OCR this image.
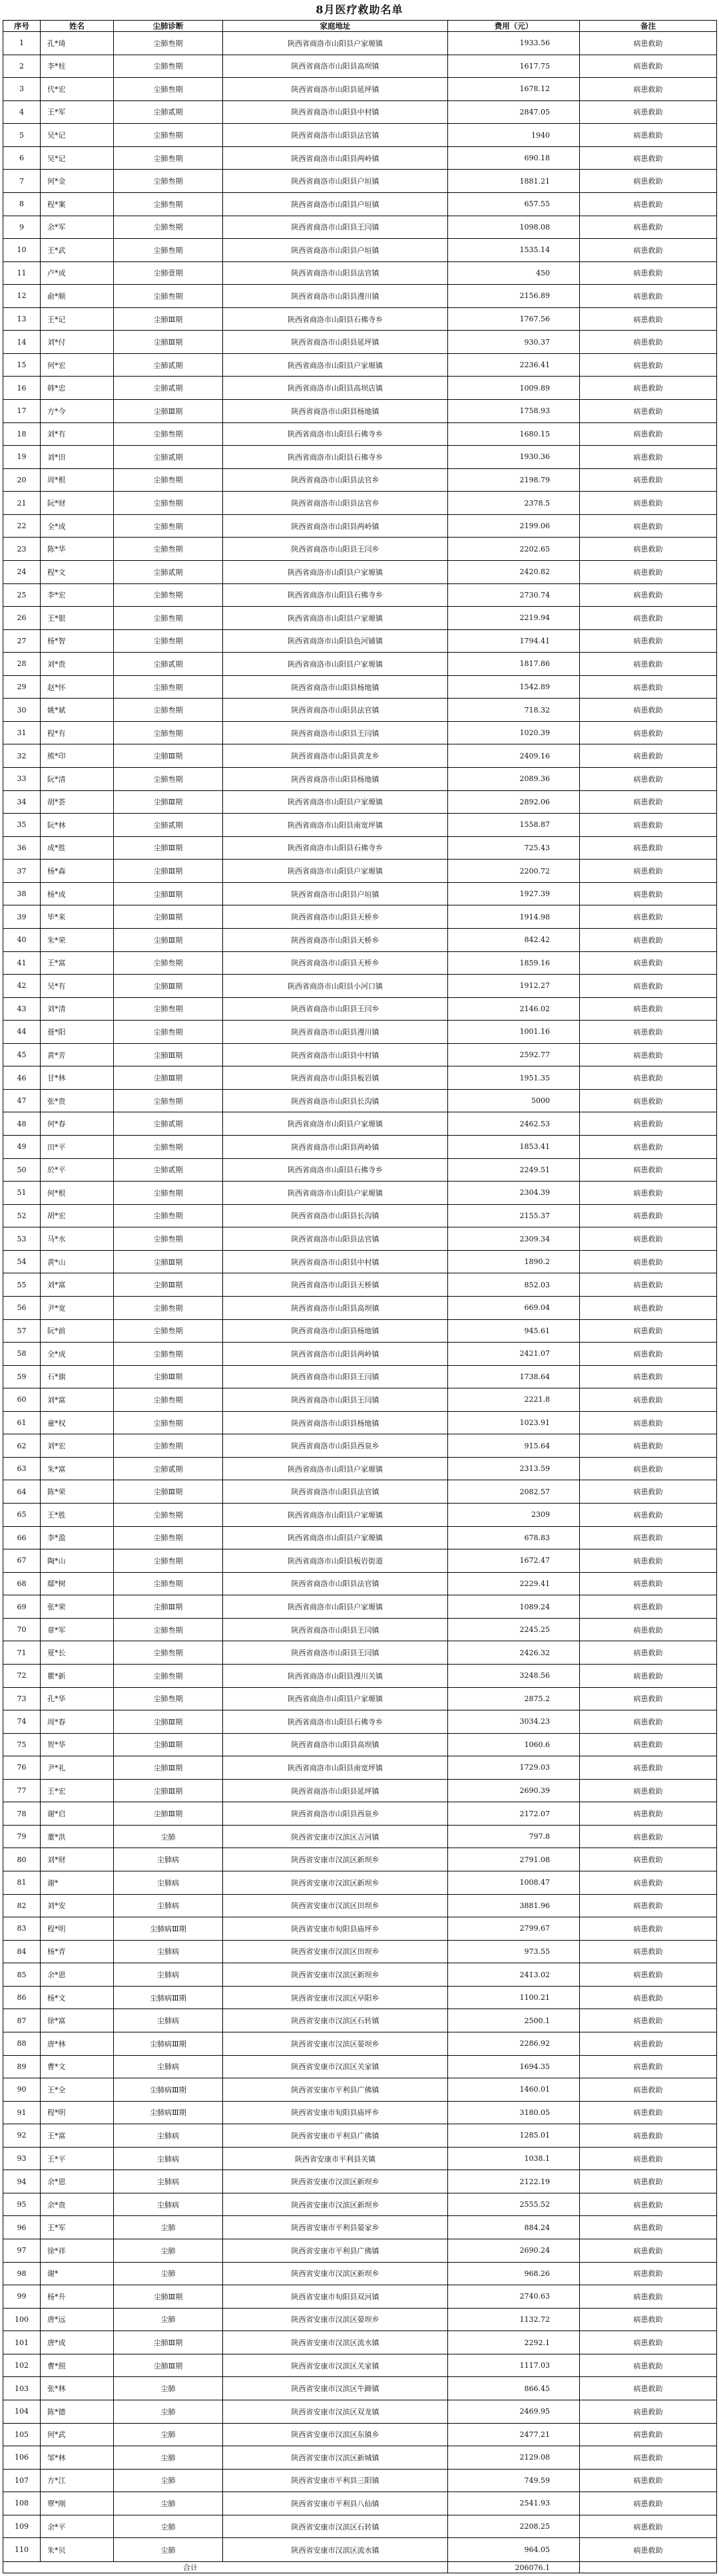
8月医疗救助名单
序号	姓名	尘肺诊断	家庭地址	费用（元）	备注
1	孔*琦	尘肺叁期	陕西省商洛市山阳县户家塬镇	1933.56	病患救助
2	李*柱	尘肺叁期	陕西省商洛市山阳县高坝镇	1617.75	病患救助
3	代*宏	尘肺叁期	陕西省商洛市山阳县延坪镇	1678.12	病患救助
4	王*军	尘肺贰期	陕西省商洛市山阳县中村镇	2847.05	病患救助
5	吴*记	尘肺叁期	陕西省商洛市山阳县法官镇	1940	病患救助
6	吴*记	尘肺叁期	陕西省商洛市山阳县两岭镇	690.18	病患救助
7	何*金	尘肺叁期	陕西省商洛市山阳县户垣镇	1881.21	病患救助
8	程*案	尘肺叁期	陕西省商洛市山阳县户垣镇	657.55	病患救助
9	余*军	尘肺叁期	陕西省商洛市山阳县王闫镇	1098.08	病患救助
10	王*武	尘肺叁期	陕西省商洛市山阳县户垣镇	1535.14	病患救助
11	卢*成	尘肺壹期	陕西省商洛市山阳县法官镇	450	病患救助
12	俞*顺	尘肺叁期	陕西省商洛市山阳县漫川镇	2156.89	病患救助
13	王*记	尘肺Ⅲ期	陕西省商洛市山阳县石佛寺乡	1767.56	病患救助
14	刘*付	尘肺Ⅲ期	陕西省商洛市山阳县延坪镇	930.37	病患救助
15	何*宏	尘肺贰期	陕西省商洛市山阳县户家塬镇	2236.41	病患救助
16	韩*忠	尘肺贰期	陕西省商洛市山阳县高坝店镇	1009.89	病患救助
17	方*今	尘肺Ⅲ期	陕西省商洛市山阳县杨地镇	1758.93	病患救助
18	刘*有	尘肺叁期	陕西省商洛市山阳县石佛寺乡	1680.15	病患救助
19	刘*田	尘肺贰期	陕西省商洛市山阳县石佛寺乡	1930.36	病患救助
20	周*根	尘肺叁期	陕西省商洛市山阳县法官乡	2198.79	病患救助
21	阮*财	尘肺叁期	陕西省商洛市山阳县法官乡	2378.5	病患救助
22	全*成	尘肺叁期	陕西省商洛市山阳县两岭镇	2199.06	病患救助
23	陈*华	尘肺叁期	陕西省商洛市山阳县王闫乡	2202.65	病患救助
24	程*文	尘肺贰期	陕西省商洛市山阳县户家塬镇	2420.82	病患救助
25	李*宏	尘肺叁期	陕西省商洛市山阳县石佛寺乡	2730.74	病患救助
26	王*银	尘肺叁期	陕西省商洛市山阳县户家塬镇	2219.94	病患救助
27	杨*智	尘肺叁期	陕西省商洛市山阳县色河铺镇	1794.41	病患救助
28	刘*贵	尘肺贰期	陕西省商洛市山阳县户家塬镇	1817.86	病患救助
29	赵*怀	尘肺叁期	陕西省商洛市山阳县杨地镇	1542.89	病患救助
30	姚*斌	尘肺叁期	陕西省商洛市山阳县法官镇	718.32	病患救助
31	程*有	尘肺叁期	陕西省商洛市山阳县王闫镇	1020.39	病患救助
32	熊*印	尘肺Ⅲ期	陕西省商洛市山阳县黄龙乡	2409.16	病患救助
33	阮*清	尘肺叁期	陕西省商洛市山阳县杨地镇	2089.36	病患救助
34	胡*荟	尘肺Ⅲ期	陕西省商洛市山阳县户家塬镇	2892.06	病患救助
35	阮*林	尘肺贰期	陕西省商洛市山阳县南宽坪镇	1558.87	病患救助
36	成*胜	尘肺Ⅲ期	陕西省商洛市山阳县石佛寺乡	725.43	病患救助
37	杨*森	尘肺Ⅲ期	陕西省商洛市山阳县户家塬镇	2200.72	病患救助
38	杨*成	尘肺Ⅲ期	陕西省商洛市山阳县户垣镇	1927.39	病患救助
39	毕*来	尘肺Ⅲ期	陕西省商洛市山阳县天桥乡	1914.98	病患救助
40	朱*荣	尘肺Ⅲ期	陕西省商洛市山阳县天桥乡	842.42	病患救助
41	王*富	尘肺叁期	陕西省商洛市山阳县天桥乡	1859.16	病患救助
42	吴*有	尘肺Ⅲ期	陕西省商洛市山阳县小河口镇	1912.27	病患救助
43	刘*清	尘肺叁期	陕西省商洛市山阳县王闫乡	2146.02	病患救助
44	聂*阳	尘肺叁期	陕西省商洛市山阳县漫川镇	1001.16	病患救助
45	黄*芳	尘肺Ⅲ期	陕西省商洛市山阳县中村镇	2592.77	病患救助
46	甘*林	尘肺Ⅲ期	陕西省商洛市山阳县板岩镇	1951.35	病患救助
47	张*贵	尘肺叁期	陕西省商洛市山阳县长沟镇	5000	病患救助
48	何*春	尘肺贰期	陕西省商洛市山阳县户家塬镇	2462.53	病患救助
49	田*平	尘肺叁期	陕西省商洛市山阳县两岭镇	1853.41	病患救助
50	於*平	尘肺贰期	陕西省商洛市山阳县石佛寺乡	2249.51	病患救助
51	何*根	尘肺叁期	陕西省商洛市山阳县户家塬镇	2304.39	病患救助
52	胡*宏	尘肺叁期	陕西省商洛市山阳县长沟镇	2155.37	病患救助
53	马*水	尘肺叁期	陕西省商洛市山阳县法官镇	2309.34	病患救助
54	黄*山	尘肺Ⅲ期	陕西省商洛市山阳县中村镇	1890.2	病患救助
55	刘*富	尘肺Ⅲ期	陕西省商洛市山阳县天桥镇	852.03	病患救助
56	尹*宽	尘肺叁期	陕西省商洛市山阳县高坝镇	669.04	病患救助
57	阮*前	尘肺叁期	陕西省商洛市山阳县杨地镇	945.61	病患救助
58	全*成	尘肺叁期	陕西省商洛市山阳县两岭镇	2421.07	病患救助
59	石*旗	尘肺Ⅲ期	陕西省商洛市山阳县王闫镇	1738.64	病患救助
60	刘*富	尘肺叁期	陕西省商洛市山阳县王闫镇	2221.8	病患救助
61	童*权	尘肺叁期	陕西省商洛市山阳县杨地镇	1023.91	病患救助
62	刘*宏	尘肺叁期	陕西省商洛市山阳县西泉乡	915.64	病患救助
63	朱*富	尘肺贰期	陕西省商洛市山阳县户家塬镇	2313.59	病患救助
64	陈*荣	尘肺Ⅲ期	陕西省商洛市山阳县法官镇	2082.57	病患救助
65	王*胜	尘肺叁期	陕西省商洛市山阳县户家塬镇	2309	病患救助
66	李*盈	尘肺叁期	陕西省商洛市山阳县户家塬镇	678.83	病患救助
67	陶*山	尘肺叁期	陕西省商洛市山阳县板岩街道	1672.47	病患救助
68	鄢*树	尘肺叁期	陕西省商洛市山阳县法官镇	2229.41	病患救助
69	张*荣	尘肺Ⅲ期	陕西省商洛市山阳县户家塬镇	1089.24	病患救助
70	章*军	尘肺叁期	陕西省商洛市山阳县王闫镇	2245.25	病患救助
71	夏*长	尘肺叁期	陕西省商洛市山阳县王闫镇	2426.32	病患救助
72	瞿*新	尘肺叁期	陕西省商洛市山阳县漫川关镇	3248.56	病患救助
73	孔*华	尘肺叁期	陕西省商洛市山阳县户家塬镇	2875.2	病患救助
74	周*春	尘肺Ⅲ期	陕西省商洛市山阳县石佛寺乡	3034.23	病患救助
75	贺*华	尘肺Ⅲ期	陕西省商洛市山阳县高坝镇	1060.6	病患救助
76	尹*礼	尘肺Ⅲ期	陕西省商洛市山阳县南宽坪镇	1729.03	病患救助
77	王*宏	尘肺Ⅲ期	陕西省商洛市山阳县延坪镇	2690.39	病患救助
78	谢*启	尘肺Ⅲ期	陕西省商洛市山阳县西泉乡	2172.07	病患救助
79	董*洪	尘肺	陕西省安康市汉滨区吉河镇	797.8	病患救助
80	刘*财	尘肺病	陕西省安康市汉滨区新坝乡	2791.08	病患救助
81	谢*	尘肺病	陕西省安康市汉滨区新坝乡	1008.47	病患救助
82	刘*安	尘肺病	陕西省安康市汉滨区田坝乡	3881.96	病患救助
83	程*明	尘肺病Ⅲ期	陕西省安康市旬阳县庙坪乡	2799.67	病患救助
84	杨*青	尘肺病	陕西省安康市汉滨区田坝乡	973.55	病患救助
85	余*恩	尘肺病	陕西省安康市汉滨区新坝乡	2413.02	病患救助
86	杨*文	尘肺病Ⅲ期	陕西省安康市汉滨区早阳乡	1100.21	病患救助
87	徐*富	尘肺病	陕西省安康市汉滨区石转镇	2500.1	病患救助
88	唐*林	尘肺病Ⅲ期	陕西省安康市汉滨区晏坝乡	2286.92	病患救助
89	曹*文	尘肺病	陕西省安康市汉滨区关家镇	1694.35	病患救助
90	王*全	尘肺病Ⅲ期	陕西省安康市平利县广佛镇	1460.01	病患救助
91	程*明	尘肺病Ⅲ期	陕西省安康市旬阳县庙坪乡	3180.05	病患救助
92	王*富	尘肺病	陕西省安康市平利县广佛镇	1285.01	病患救助
93	王*平	尘肺病	陕西省安康市平利县关镇	1038.1	病患救助
94	余*恩	尘肺病	陕西省安康市汉滨区新坝乡	2122.19	病患救助
95	余*贵	尘肺病	陕西省安康市汉滨区新坝乡	2555.52	病患救助
96	王*军	尘肺	陕西省安康市平利县晏家乡	884.24	病患救助
97	徐*祥	尘肺	陕西省安康市平利县广佛镇	2690.24	病患救助
98	谢*	尘肺	陕西省安康市汉滨区新坝乡	968.26	病患救助
99	杨*升	尘肺Ⅲ期	陕西省安康市旬阳县双河镇	2740.63	病患救助
100	唐*远	尘肺	陕西省安康市汉滨区晏坝乡	1132.72	病患救助
101	唐*成	尘肺Ⅲ期	陕西省安康市汉滨区流水镇	2292.1	病患救助
102	曹*照	尘肺Ⅲ期	陕西省安康市汉滨区关家镇	1117.03	病患救助
103	张*林	尘肺	陕西省安康市汉滨区牛蹄镇	866.45	病患救助
104	陈*德	尘肺	陕西省安康市汉滨区双龙镇	2469.95	病患救助
105	何*武	尘肺	陕西省安康市汉滨区东镇乡	2477.21	病患救助
106	邹*林	尘肺	陕西省安康市汉滨区新城镇	2129.08	病患救助
107	方*江	尘肺	陕西省安康市平利县三阳镇	749.59	病患救助
108	覃*刚	尘肺	陕西省安康市平利县八仙镇	2541.93	病患救助
109	余*平	尘肺	陕西省安康市汉滨区石转镇	2208.25	病患救助
110	朱*贝	尘肺	陕西省安康市汉滨区流水镇	964.05	病患救助
合计				206076.1	
